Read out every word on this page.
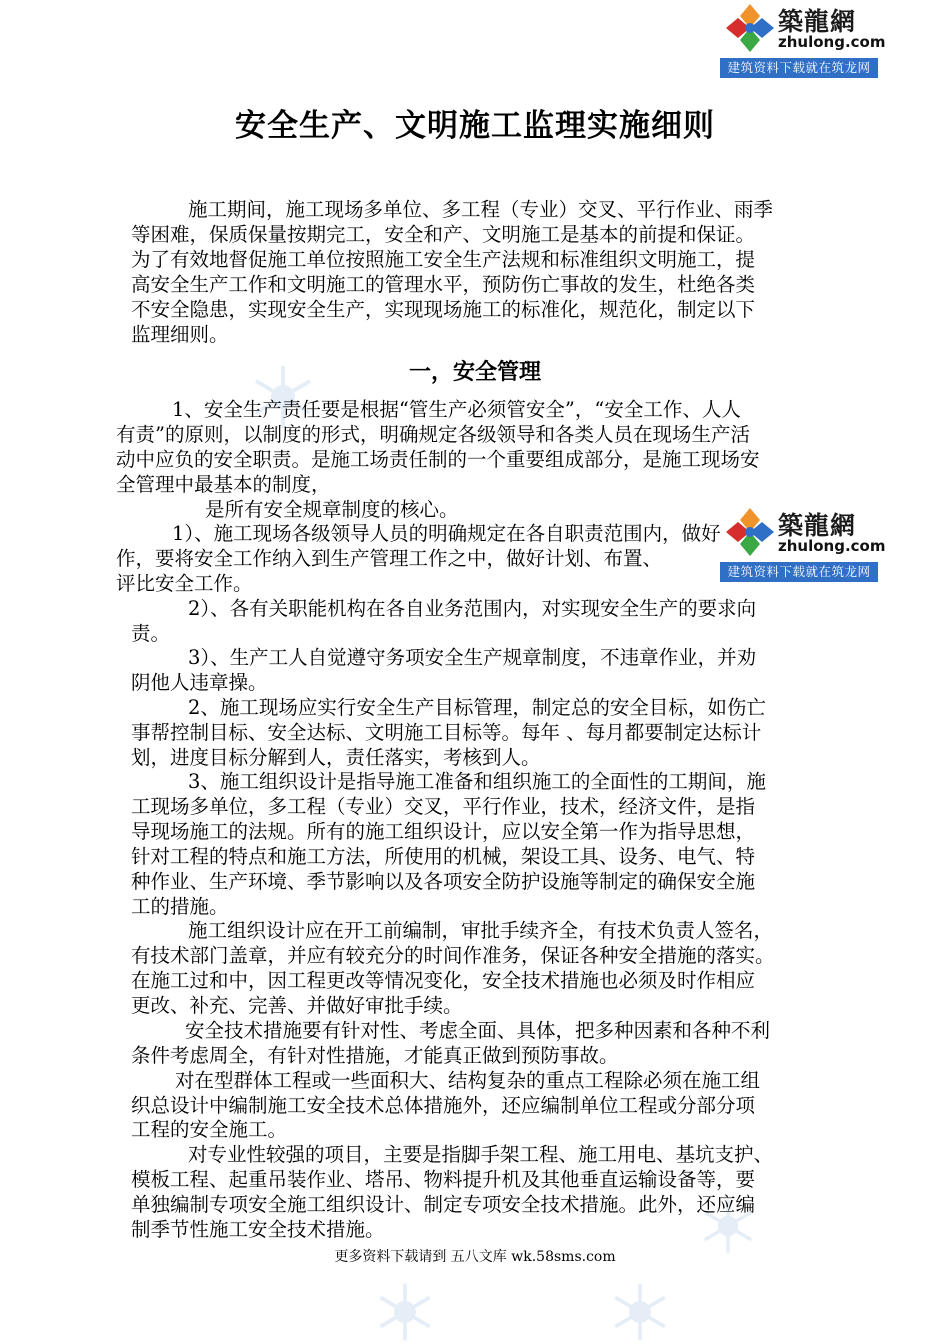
築龍網
zhulong.com
建筑资料下载就在筑龙网
築龍網
zhulong.com
建筑资料下载就在筑龙网
安全生产、文明施工监理实施细则
施工期间，施工现场多单位、多工程（专业）交叉、平行作业、雨季
等困难，保质保量按期完工，安全和产、文明施工是基本的前提和保证。
为了有效地督促施工单位按照施工安全生产法规和标准组织文明施工，提
高安全生产工作和文明施工的管理水平，预防伤亡事故的发生，杜绝各类
不安全隐患，实现安全生产，实现现场施工的标准化，规范化，制定以下
监理细则。
一，安全管理
1、安全生产责任要是根据“管生产必须管安全”，“安全工作、人人
有责”的原则，以制度的形式，明确规定各级领导和各类人员在现场生产活
动中应负的安全职责。是施工场责任制的一个重要组成部分，是施工现场安
全管理中最基本的制度，
是所有安全规章制度的核心。
1）、施工现场各级领导人员的明确规定在各自职责范围内，做好
作，要将安全工作纳入到生产管理工作之中，做好计划、布置、
评比安全工作。
2）、各有关职能机构在各自业务范围内，对实现安全生产的要求向
责。
3）、生产工人自觉遵守务项安全生产规章制度，不违章作业，并劝
阴他人违章操。
2、施工现场应实行安全生产目标管理，制定总的安全目标，如伤亡
事帮控制目标、安全达标、文明施工目标等。每年 、每月都要制定达标计
划，进度目标分解到人，责任落实，考核到人。
3、施工组织设计是指导施工准备和组织施工的全面性的工期间，施
工现场多单位，多工程（专业）交叉，平行作业，技术，经济文件，是指
导现场施工的法规。所有的施工组织设计，应以安全第一作为指导思想，
针对工程的特点和施工方法，所使用的机械，架设工具、设务、电气、特
种作业、生产环境、季节影响以及各项安全防护设施等制定的确保安全施
工的措施。
施工组织设计应在开工前编制，审批手续齐全，有技术负责人签名，
有技术部门盖章，并应有较充分的时间作准务，保证各种安全措施的落实。
在施工过和中，因工程更改等情况变化，安全技术措施也必须及时作相应
更改、补充、完善、并做好审批手续。
安全技术措施要有针对性、考虑全面、具体，把多种因素和各种不利
条件考虑周全，有针对性措施，才能真正做到预防事故。
对在型群体工程或一些面积大、结构复杂的重点工程除必须在施工组
织总设计中编制施工安全技术总体措施外，还应编制单位工程或分部分项
工程的安全施工。
对专业性较强的项目，主要是指脚手架工程、施工用电、基坑支护、
模板工程、起重吊装作业、塔吊、物料提升机及其他垂直运输设备等，要
单独编制专项安全施工组织设计、制定专项安全技术措施。此外，还应编
制季节性施工安全技术措施。
更多资料下载请到 五八文库 wk.58sms.com
